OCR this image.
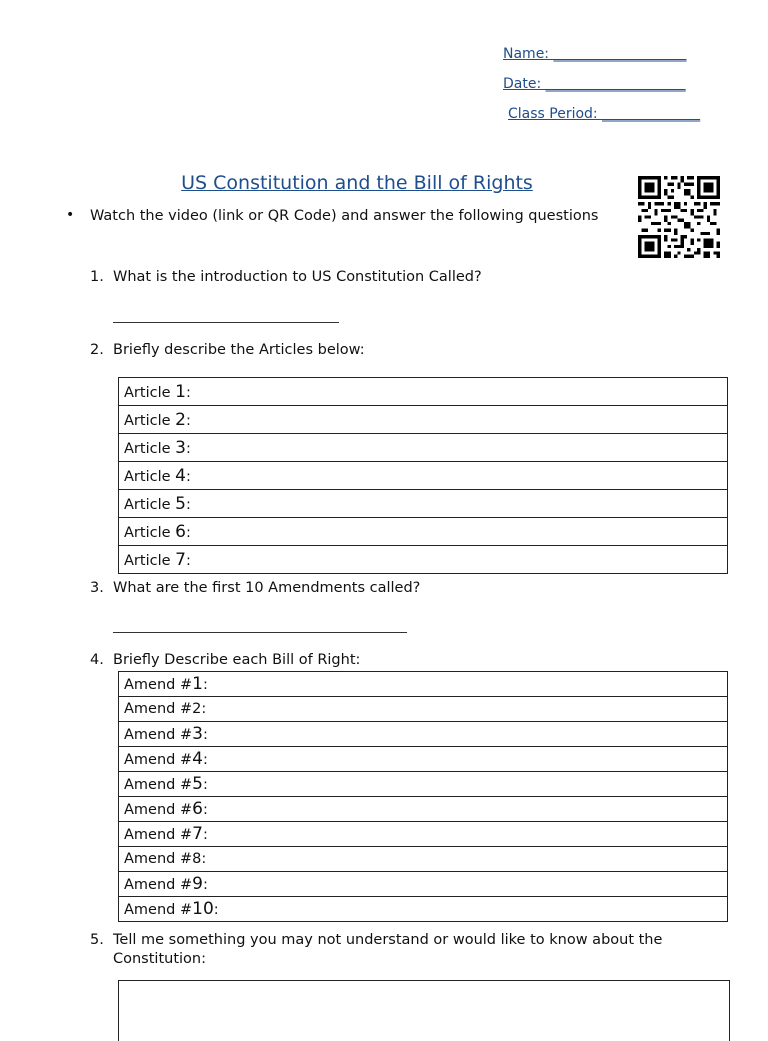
Name: ___________________
Date: ____________________
Class Period: ______________
US Constitution and the Bill of Rights
• Watch the video (link or QR Code) and answer the following questions
1. What is the introduction to US Constitution Called?
2. Briefly describe the Articles below:
Article 1:
Article 2:
Article 3:
Article 4:
Article 5:
Article 6:
Article 7:
3. What are the first 10 Amendments called?
4. Briefly Describe each Bill of Right:
Amend #1:
Amend #2:
Amend #3:
Amend #4:
Amend #5:
Amend #6:
Amend #7:
Amend #8:
Amend #9:
Amend #10:
5. Tell me something you may not understand or would like to know about the
Constitution:
